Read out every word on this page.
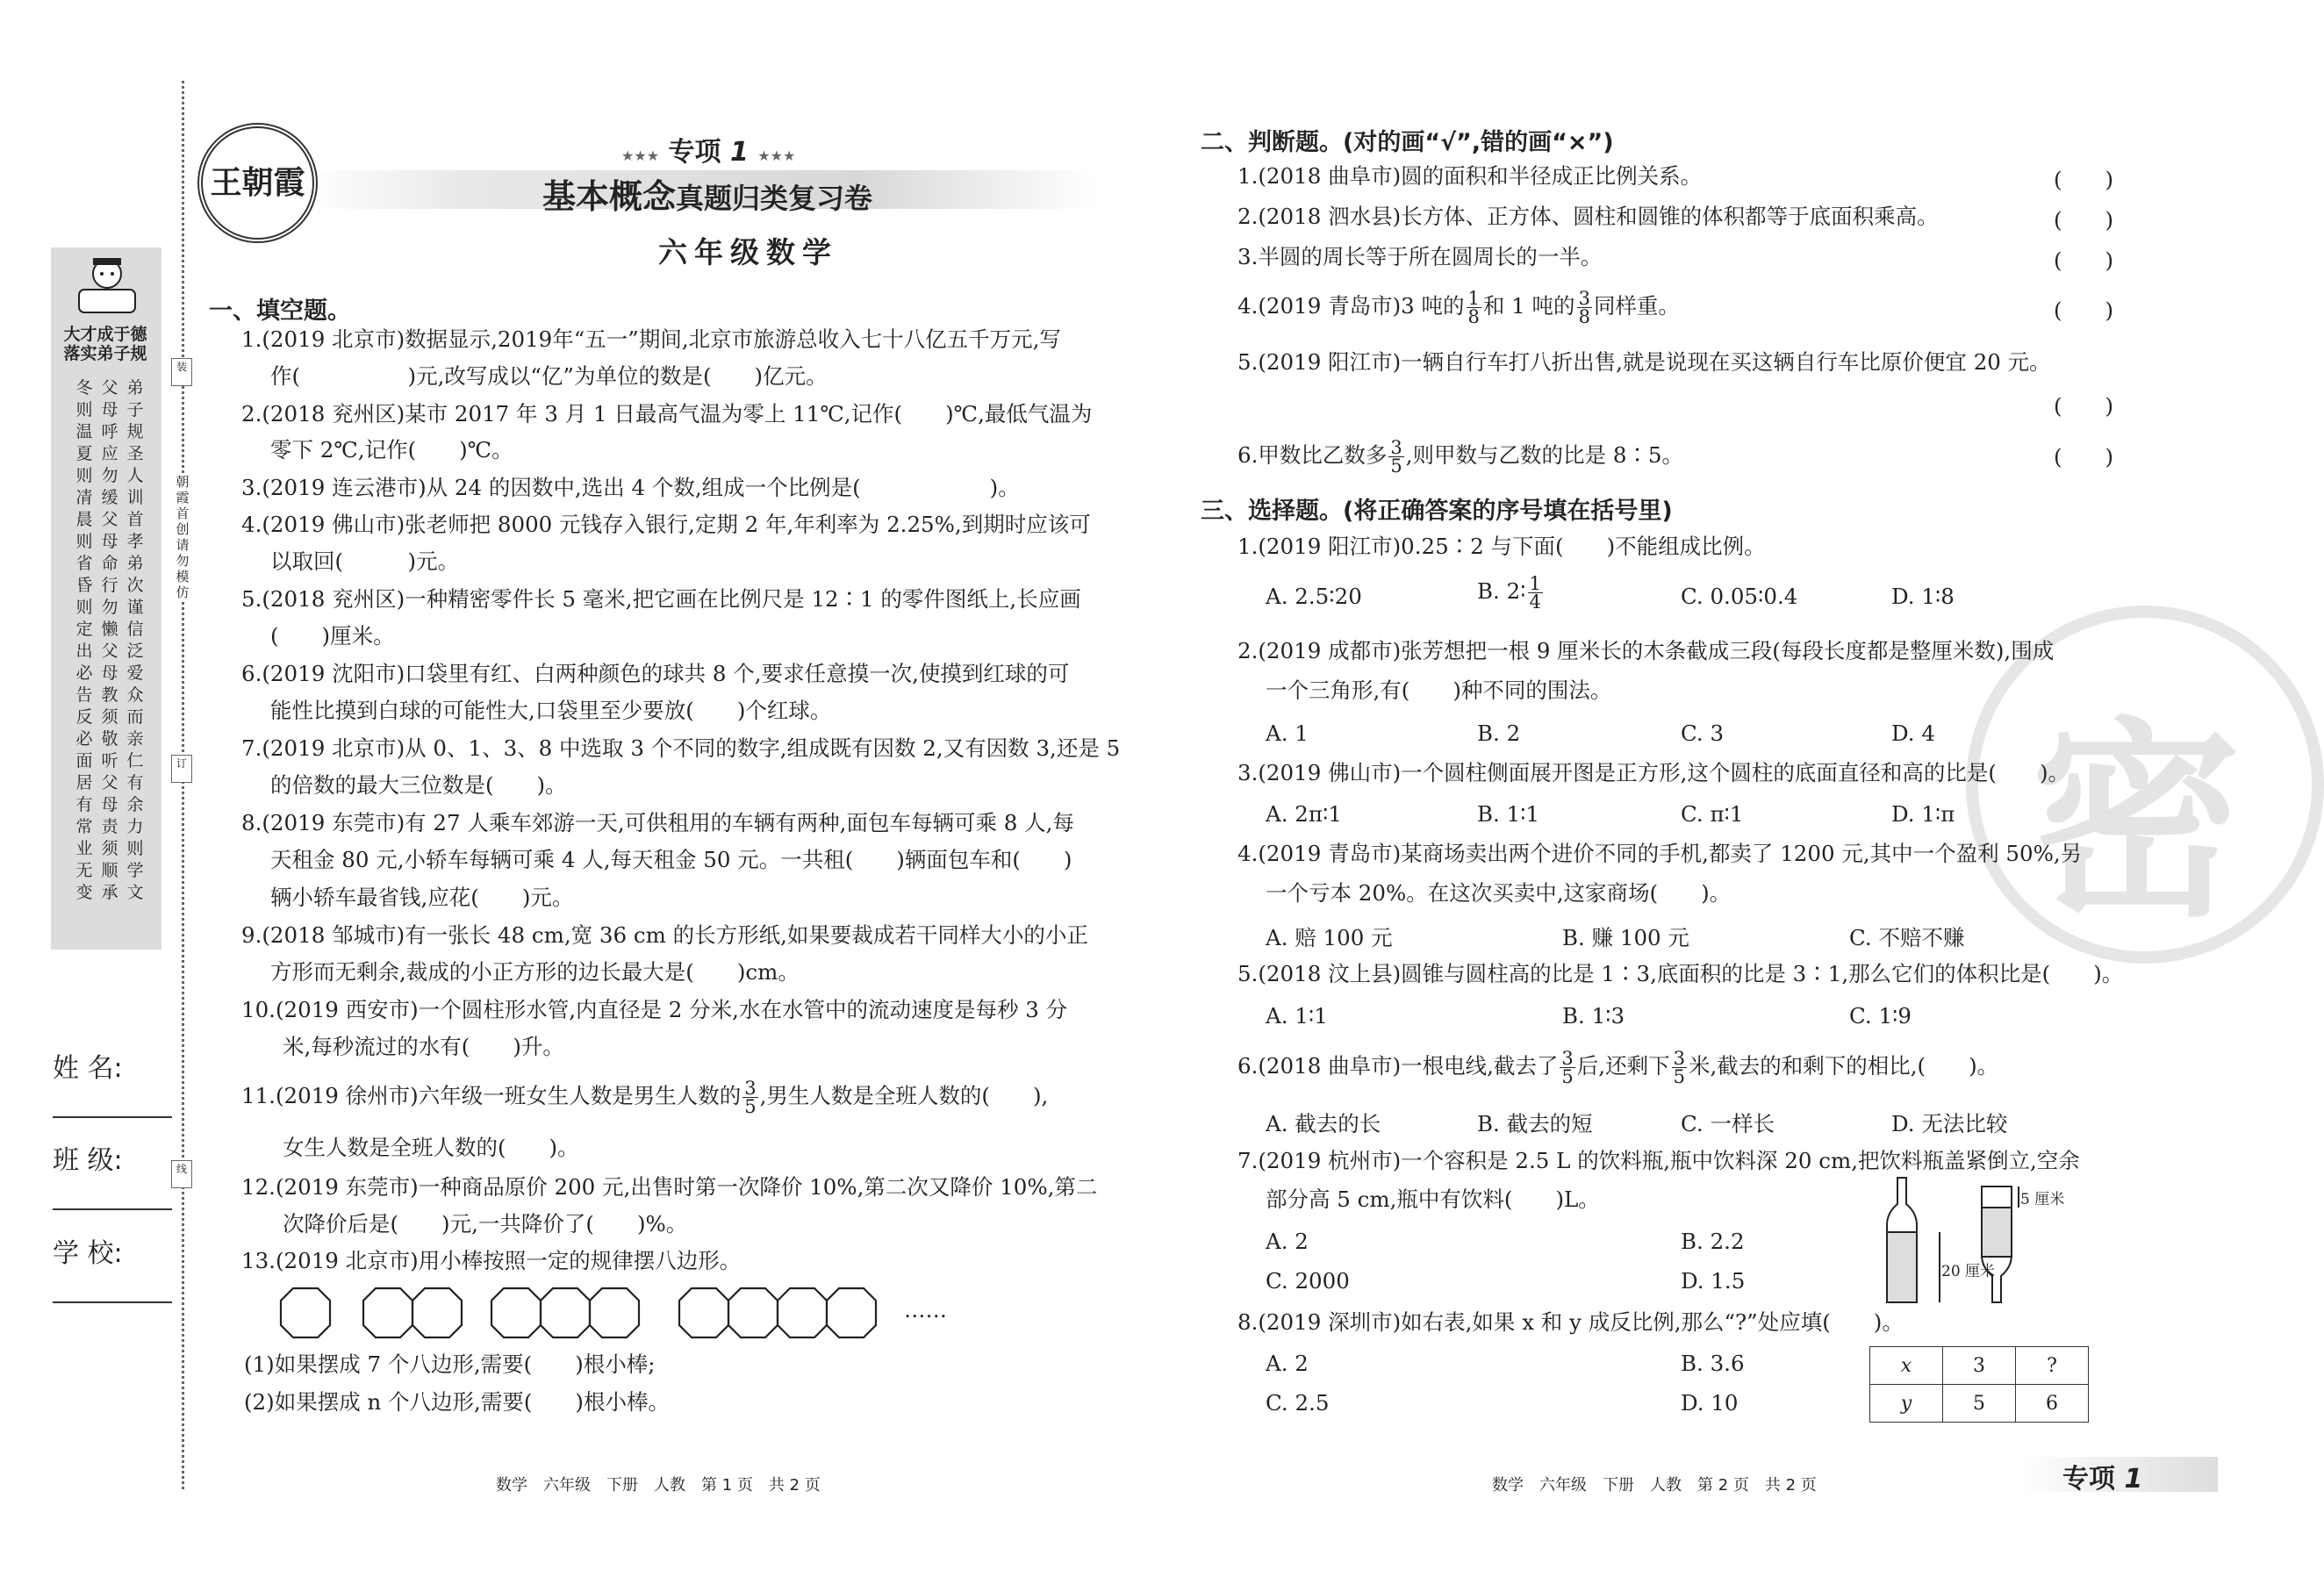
大才成于德
落实弟子规
冬则温 夏则凊 晨则省 昏则定 出必告 反必面 居有常 业无变
父母呼 应勿缓 父母命 行勿懒 父母教 须敬听 父母责 须顺承
弟子规 圣人训 首孝弟 次谨信 泛爱众 而亲仁 有余力 则学文
装
朝霞首创 请勿模仿
订
线
姓 名:
班 级:
学 校:
王朝霞
★★★ 专项 1 ★★★
基本概念真题归类复习卷
六年级数学
一、填空题。
1.(2019 北京市)数据显示,2019年“五一”期间,北京市旅游总收入七十八亿五千万元,写
作(　　　　　)元,改写成以“亿”为单位的数是(　　)亿元。
2.(2018 兖州区)某市 2017 年 3 月 1 日最高气温为零上 11℃,记作(　　)℃,最低气温为
零下 2℃,记作(　　)℃。
3.(2019 连云港市)从 24 的因数中,选出 4 个数,组成一个比例是(　　　　　　)。
4.(2019 佛山市)张老师把 8000 元钱存入银行,定期 2 年,年利率为 2.25%,到期时应该可
以取回(　　　)元。
5.(2018 兖州区)一种精密零件长 5 毫米,把它画在比例尺是 12∶1 的零件图纸上,长应画
(　　)厘米。
6.(2019 沈阳市)口袋里有红、白两种颜色的球共 8 个,要求任意摸一次,使摸到红球的可
能性比摸到白球的可能性大,口袋里至少要放(　　)个红球。
7.(2019 北京市)从 0、1、3、8 中选取 3 个不同的数字,组成既有因数 2,又有因数 3,还是 5
的倍数的最大三位数是(　　)。
8.(2019 东莞市)有 27 人乘车郊游一天,可供租用的车辆有两种,面包车每辆可乘 8 人,每
天租金 80 元,小轿车每辆可乘 4 人,每天租金 50 元。一共租(　　)辆面包车和(　　)
辆小轿车最省钱,应花(　　)元。
9.(2018 邹城市)有一张长 48 cm,宽 36 cm 的长方形纸,如果要裁成若干同样大小的小正
方形而无剩余,裁成的小正方形的边长最大是(　　)cm。
10.(2019 西安市)一个圆柱形水管,内直径是 2 分米,水在水管中的流动速度是每秒 3 分
米,每秒流过的水有(　　)升。
11.(2019 徐州市)六年级一班女生人数是男生人数的 $\frac{3}{5}$ ,男生人数是全班人数的(　　),
女生人数是全班人数的(　　)。
12.(2019 东莞市)一种商品原价 200 元,出售时第一次降价 10%,第二次又降价 10%,第二
次降价后是(　　)元,一共降价了(　　)%。
13.(2019 北京市)用小棒按照一定的规律摆八边形。
……
(1)如果摆成 7 个八边形,需要(　　)根小棒;
(2)如果摆成 n 个八边形,需要(　　)根小棒。
数学　六年级　下册　人教　第 1 页　共 2 页
密
二、判断题。(对的画“√”,错的画“×”)
1.(2018 曲阜市)圆的面积和半径成正比例关系。	(　　)
2.(2018 泗水县)长方体、正方体、圆柱和圆锥的体积都等于底面积乘高。	(　　)
3.半圆的周长等于所在圆周长的一半。	(　　)
4.(2019 青岛市)3 吨的 $\frac{1}{8}$ 和 1 吨的 $\frac{3}{8}$ 同样重。	(　　)
5.(2019 阳江市)一辆自行车打八折出售,就是说现在买这辆自行车比原价便宜 20 元。
(　　)
6.甲数比乙数多 $\frac{3}{5}$ ,则甲数与乙数的比是 8∶5。	(　　)
三、选择题。(将正确答案的序号填在括号里)
1.(2019 阳江市)0.25∶2 与下面(　　)不能组成比例。
A. 2.5∶20	B. 2∶ $\frac{1}{4}$	C. 0.05∶0.4	D. 1∶8
2.(2019 成都市)张芳想把一根 9 厘米长的木条截成三段(每段长度都是整厘米数),围成
一个三角形,有(　　)种不同的围法。
A. 1	B. 2	C. 3	D. 4
3.(2019 佛山市)一个圆柱侧面展开图是正方形,这个圆柱的底面直径和高的比是(　　)。
A. 2π∶1	B. 1∶1	C. π∶1	D. 1∶π
4.(2019 青岛市)某商场卖出两个进价不同的手机,都卖了 1200 元,其中一个盈利 50%,另
一个亏本 20%。在这次买卖中,这家商场(　　)。
A. 赔 100 元	B. 赚 100 元	C. 不赔不赚
5.(2018 汶上县)圆锥与圆柱高的比是 1∶3,底面积的比是 3∶1,那么它们的体积比是(　　)。
A. 1∶1	B. 1∶3	C. 1∶9
6.(2018 曲阜市)一根电线,截去了 $\frac{3}{5}$ 后,还剩下 $\frac{3}{5}$ 米,截去的和剩下的相比,(　　)。
A. 截去的长	B. 截去的短	C. 一样长	D. 无法比较
7.(2019 杭州市)一个容积是 2.5 L 的饮料瓶,瓶中饮料深 20 cm,把饮料瓶盖紧倒立,空余
部分高 5 cm,瓶中有饮料(　　)L。
A. 2	B. 2.2
C. 2000	D. 1.5
5 厘米
20 厘米
8.(2019 深圳市)如右表,如果 x 和 y 成反比例,那么“?”处应填(　　)。
A. 2	B. 3.6
C. 2.5	D. 10
x	3	?
y	5	6
数学　六年级　下册　人教　第 2 页　共 2 页	专项 1
